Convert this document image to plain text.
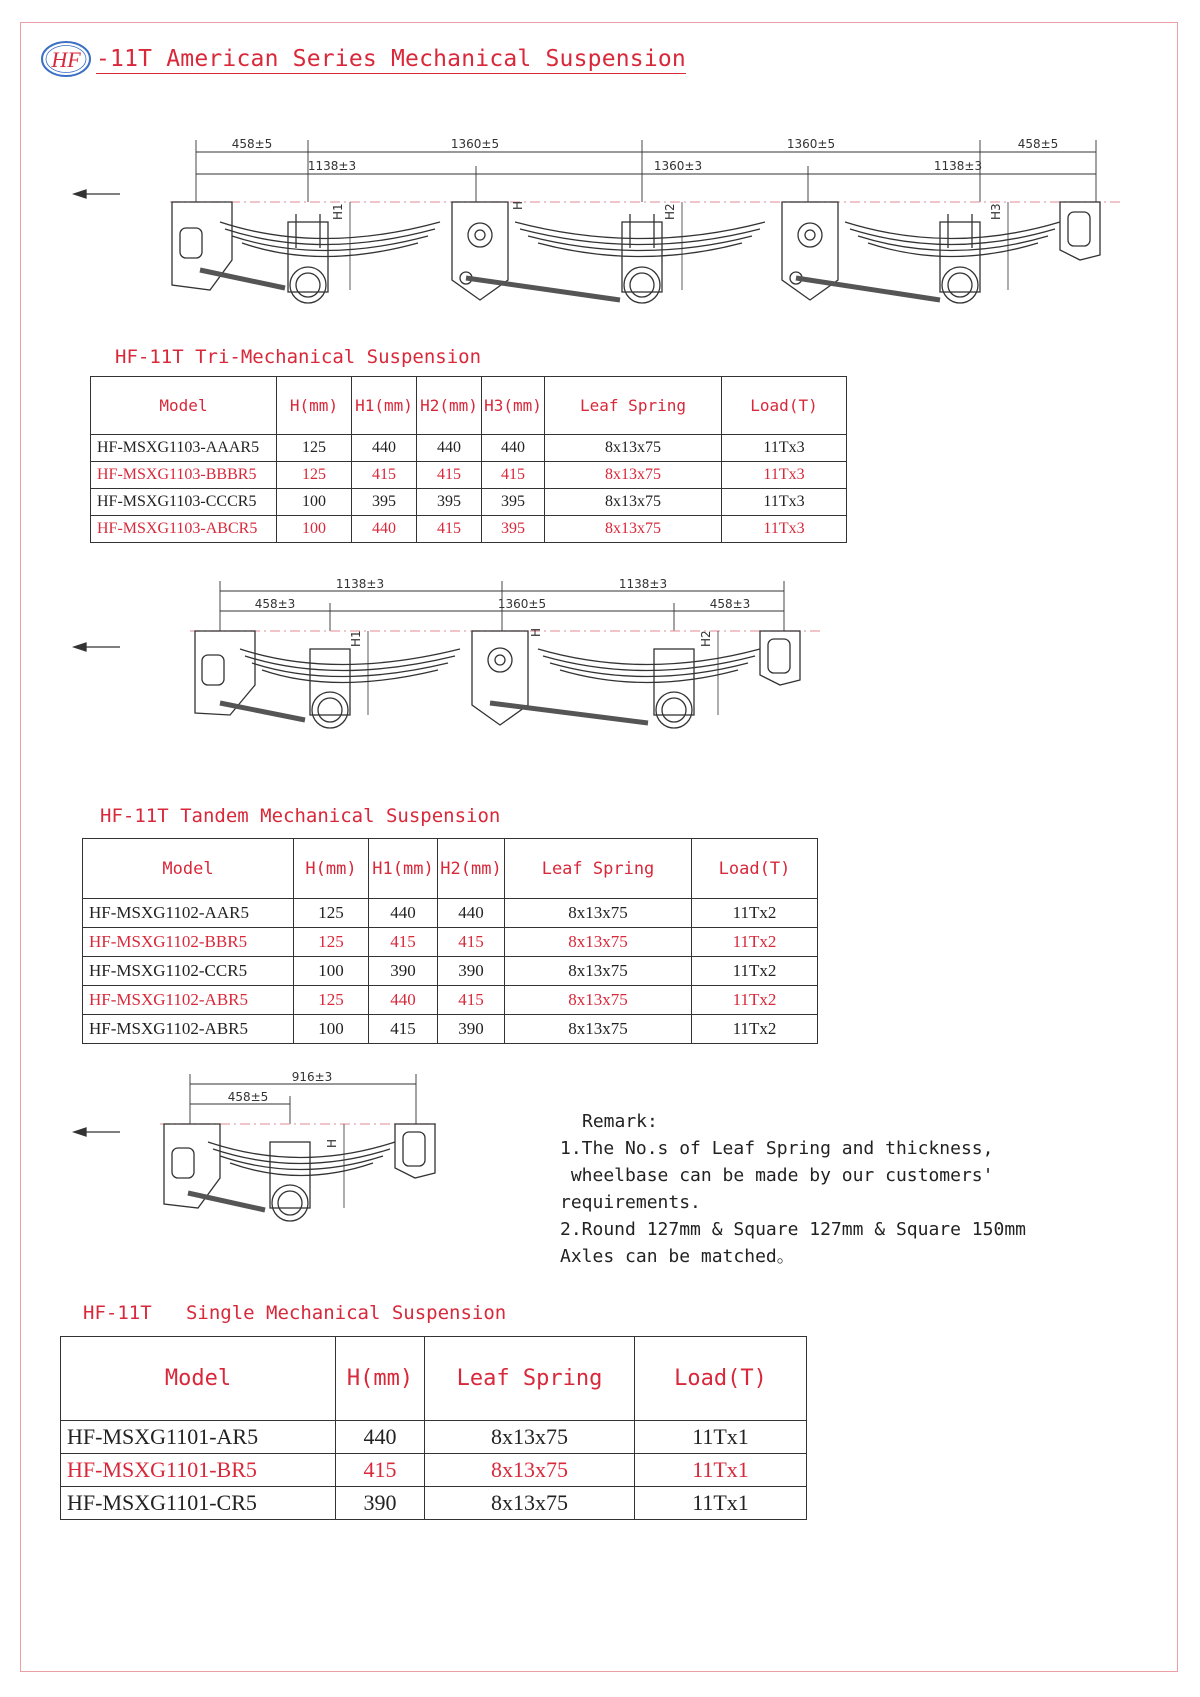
HF -11T American Series Mechanical Suspension
458±5	1360±5	1360±5	458±5
1138±3	1360±3	1138±3
H1	H	H2	H3
HF-11T Tri-Mechanical Suspension
Model	H(mm)	H1(mm)	H2(mm)	H3(mm)	Leaf Spring	Load(T)
HF-MSXG1103-AAAR5	125	440	440	440	8x13x75	11Tx3
HF-MSXG1103-BBBR5	125	415	415	415	8x13x75	11Tx3
HF-MSXG1103-CCCR5	100	395	395	395	8x13x75	11Tx3
HF-MSXG1103-ABCR5	100	440	415	395	8x13x75	11Tx3
1138±3	1138±3
458±3	1360±5	458±3
H1	H	H2
HF-11T Tandem Mechanical Suspension
Model	H(mm)	H1(mm)	H2(mm)	Leaf Spring	Load(T)
HF-MSXG1102-AAR5	125	440	440	8x13x75	11Tx2
HF-MSXG1102-BBR5	125	415	415	8x13x75	11Tx2
HF-MSXG1102-CCR5	100	390	390	8x13x75	11Tx2
HF-MSXG1102-ABR5	125	440	415	8x13x75	11Tx2
HF-MSXG1102-ABR5	100	415	390	8x13x75	11Tx2
916±3
458±5
H
Remark:
1.The No.s of Leaf Spring and thickness,
wheelbase can be made by our customers'
requirements.
2.Round 127mm & Square 127mm & Square 150mm
Axles can be matched。
HF-11T   Single Mechanical Suspension
Model	H(mm)	Leaf Spring	Load(T)
HF-MSXG1101-AR5	440	8x13x75	11Tx1
HF-MSXG1101-BR5	415	8x13x75	11Tx1
HF-MSXG1101-CR5	390	8x13x75	11Tx1
